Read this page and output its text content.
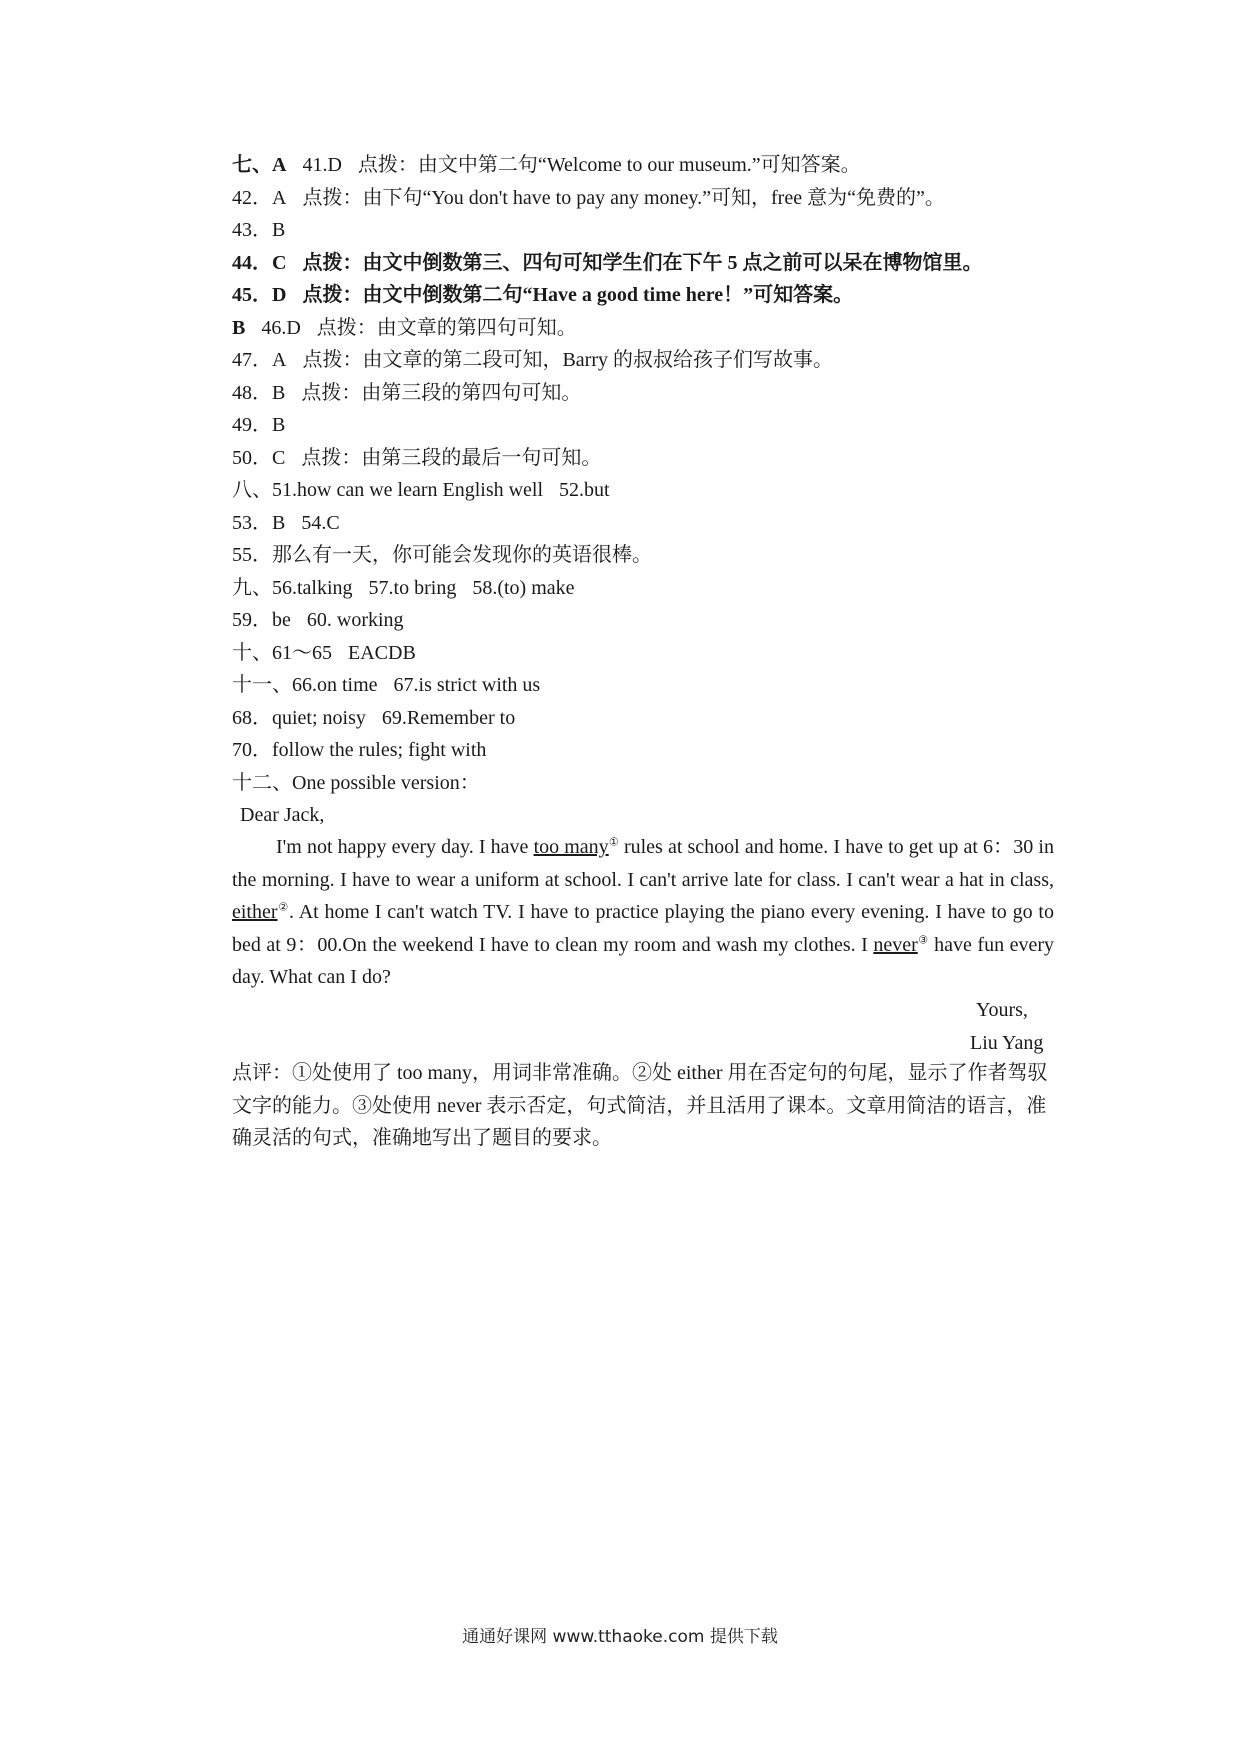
七、A 41.D 点拨：由文中第二句“Welcome to our museum.”可知答案。
42．A 点拨：由下句“You don't have to pay any money.”可知，free 意为“免费的”。
43．B
44．C 点拨：由文中倒数第三、四句可知学生们在下午 5 点之前可以呆在博物馆里。
45．D 点拨：由文中倒数第二句“Have a good time here！”可知答案。
B 46.D 点拨：由文章的第四句可知。
47．A 点拨：由文章的第二段可知，Barry 的叔叔给孩子们写故事。
48．B 点拨：由第三段的第四句可知。
49．B
50．C 点拨：由第三段的最后一句可知。
八、51.how can we learn English well 52.but
53．B 54.C
55．那么有一天，你可能会发现你的英语很棒。
九、56.talking 57.to bring 58.(to) make
59．be 60. working
十、61～65 EACDB
十一、66.on time 67.is strict with us
68．quiet; noisy 69.Remember to
70．follow the rules; fight with
十二、One possible version：
Dear Jack,

I'm not happy every day. I have too many① rules at school and home. I have to get up at 6：30 in the morning. I have to wear a uniform at school. I can't arrive late for class. I can't wear a hat in class, either②. At home I can't watch TV. I have to practice playing the piano every evening. I have to go to bed at 9：00.On the weekend I have to clean my room and wash my clothes. I never③ have fun every day. What can I do?

Yours,
Liu Yang
点评：①处使用了 too many，用词非常准确。②处 either 用在否定句的句尾，显示了作者驾驭文字的能力。③处使用 never 表示否定，句式简洁，并且活用了课本。文章用简洁的语言，准确灵活的句式，准确地写出了题目的要求。
通通好课网 www.tthaoke.com 提供下载
